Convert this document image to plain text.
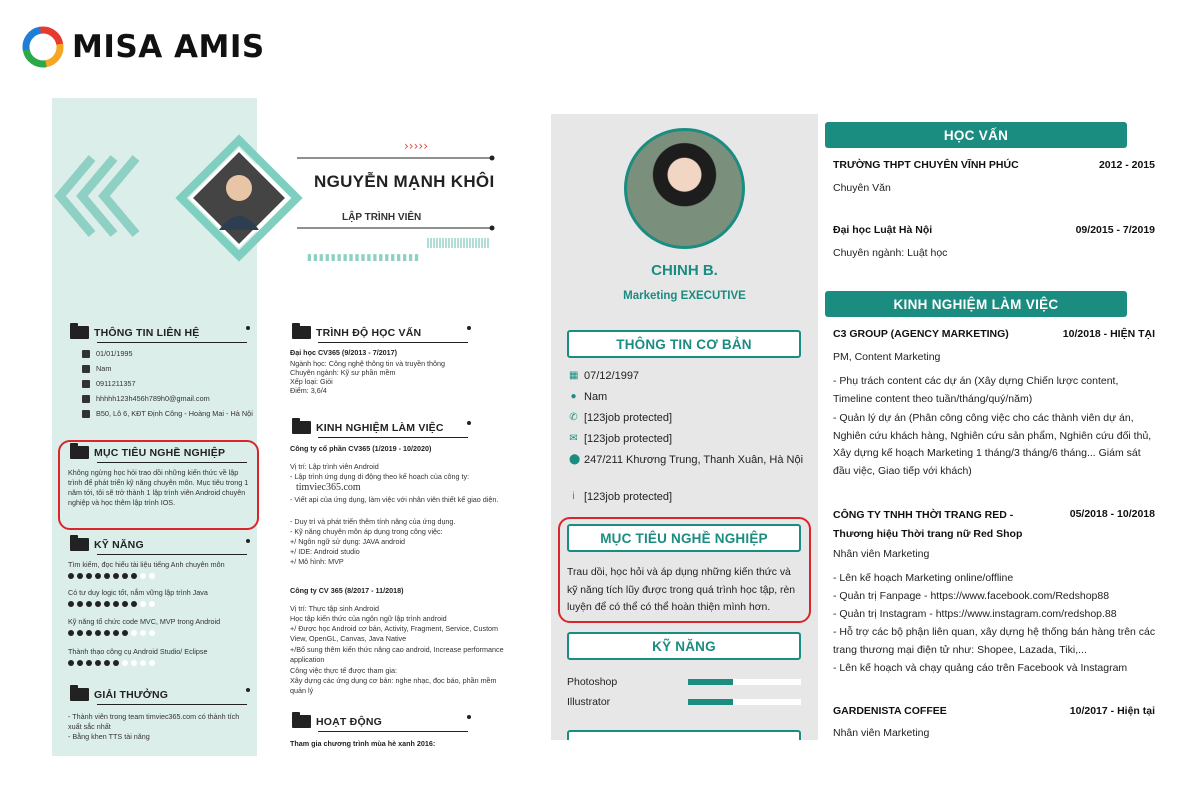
MISA AMIS
›››››
▮▮▮▮▮▮▮▮▮▮▮▮▮▮▮▮▮▮▮
NGUYỄN MẠNH KHÔI
LẬP TRÌNH VIÊN
THÔNG TIN LIÊN HỆ
01/01/1995
Nam
0911211357
hhhhh123h456h789h0@gmail.com
B50, Lô 6, KĐT Định Công - Hoàng Mai - Hà Nội
MỤC TIÊU NGHỀ NGHIỆP
Không ngừng học hỏi trao dồi những kiến thức về lập trình để phát triển kỹ năng chuyên môn. Mục tiêu trong 1 năm tới, tôi sẽ trở thành 1 lập trình viên Android chuyên nghiệp và học thêm lập trình IOS.
KỸ NĂNG
Tìm kiếm, đọc hiểu tài liệu tiếng Anh chuyên môn
Có tư duy logic tốt, nắm vững lập trình Java
Kỹ năng tổ chức code MVC, MVP trong Android
Thành thạo công cụ Android Studio/ Eclipse
GIẢI THƯỞNG
- Thành viên trong team timviec365.com có thành tích xuất sắc nhất
- Bằng khen TTS tài năng
TRÌNH ĐỘ HỌC VẤN
Đại học CV365 (9/2013 - 7/2017)
Ngành học: Công nghệ thông tin và truyền thông
Chuyên ngành: Kỹ sư phần mềm
Xếp loại: Giỏi
Điểm: 3,6/4
KINH NGHIỆM LÀM VIỆC
Công ty cổ phần CV365 (1/2019 - 10/2020)
Vị trí: Lập trình viên Android
- Lập trình ứng dụng di động theo kế hoạch của công ty:
timviec365.com
- Viết api của ứng dụng, làm việc với nhân viên thiết kế giao diện.
- Duy trì và phát triển thêm tính năng của ứng dụng.
- Kỹ năng chuyên môn áp dụng trong công việc:
+/ Ngôn ngữ sử dụng: JAVA android
+/ IDE: Android studio
+/ Mô hình: MVP
Công ty CV 365 (8/2017 - 11/2018)
Vị trí: Thực tập sinh Android
Học tập kiến thức của ngôn ngữ lập trình android
+/ Được học Android cơ bản, Activity, Fragment, Service, Custom View, OpenGL, Canvas, Java Native
+/Bổ sung thêm kiến thức nâng cao android, Increase performance application
Công việc thực tế được tham gia:
Xây dựng các ứng dụng cơ bản: nghe nhạc, đọc báo, phần mềm quản lý
HOẠT ĐỘNG
Tham gia chương trình mùa hè xanh 2016:
CHINH B.
Marketing EXECUTIVE
THÔNG TIN CƠ BẢN
▦ 07/12/1997
● Nam
✆ [123job protected]
✉ [123job protected]
⬤ 247/211 Khương Trung, Thanh Xuân, Hà Nội
i [123job protected]
MỤC TIÊU NGHỀ NGHIỆP
Trau dồi, học hỏi và áp dụng những kiến thức và kỹ năng tích lũy được trong quá trình học tập, rèn luyện để có thể có thể hoàn thiện mình hơn.
KỸ NĂNG
Photoshop
Illustrator
HỌC VẤN
TRƯỜNG THPT CHUYÊN VĨNH PHÚC	2012 - 2015
Chuyên Văn
Đại học Luật Hà Nội	09/2015 - 7/2019
Chuyên ngành: Luật học
KINH NGHIỆM LÀM VIỆC
C3 GROUP (AGENCY MARKETING)	10/2018 - HIỆN TẠI
PM, Content Marketing
- Phụ trách content các dự án (Xây dựng Chiến lược content, Timeline content theo tuần/tháng/quý/năm)
- Quản lý dự án (Phân công công việc cho các thành viên dự án, Nghiên cứu khách hàng, Nghiên cứu sản phẩm, Nghiên cứu đối thủ, Xây dựng kế hoạch Marketing 1 tháng/3 tháng/6 tháng... Giám sát đầu việc, Giao tiếp với khách)
CÔNG TY TNHH THỜI TRANG RED - Thương hiệu Thời trang nữ Red Shop
05/2018 - 10/2018
Nhân viên Marketing
- Lên kế hoạch Marketing online/offline
- Quản trị Fanpage - https://www.facebook.com/Redshop88
- Quản trị Instagram - https://www.instagram.com/redshop.88
- Hỗ trợ các bộ phận liên quan, xây dựng hệ thống bán hàng trên các trang thương mại điện tử như: Shopee, Lazada, Tiki,...
- Lên kế hoạch và chạy quảng cáo trên Facebook và Instagram
GARDENISTA COFFEE	10/2017 - Hiện tại
Nhân viên Marketing
